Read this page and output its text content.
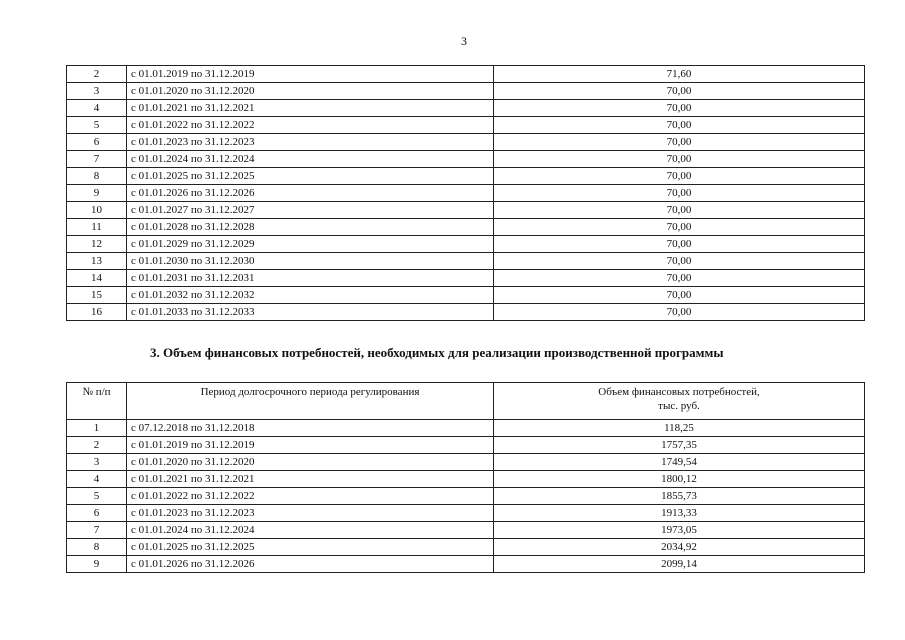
3
2	с 01.01.2019 по 31.12.2019	71,60
3	с 01.01.2020 по 31.12.2020	70,00
4	с 01.01.2021 по 31.12.2021	70,00
5	с 01.01.2022 по 31.12.2022	70,00
6	с 01.01.2023 по 31.12.2023	70,00
7	с 01.01.2024 по 31.12.2024	70,00
8	с 01.01.2025 по 31.12.2025	70,00
9	с 01.01.2026 по 31.12.2026	70,00
10	с 01.01.2027 по 31.12.2027	70,00
11	с 01.01.2028 по 31.12.2028	70,00
12	с 01.01.2029 по 31.12.2029	70,00
13	с 01.01.2030 по 31.12.2030	70,00
14	с 01.01.2031 по 31.12.2031	70,00
15	с 01.01.2032 по 31.12.2032	70,00
16	с 01.01.2033 по 31.12.2033	70,00
3. Объем финансовых потребностей, необходимых для реализации производственной программы
№ п/п	Период долгосрочного периода регулирования	Объем финансовых потребностей,
тыс. руб.
1	с 07.12.2018 по 31.12.2018	118,25
2	с 01.01.2019 по 31.12.2019	1757,35
3	с 01.01.2020 по 31.12.2020	1749,54
4	с 01.01.2021 по 31.12.2021	1800,12
5	с 01.01.2022 по 31.12.2022	1855,73
6	с 01.01.2023 по 31.12.2023	1913,33
7	с 01.01.2024 по 31.12.2024	1973,05
8	с 01.01.2025 по 31.12.2025	2034,92
9	с 01.01.2026 по 31.12.2026	2099,14
